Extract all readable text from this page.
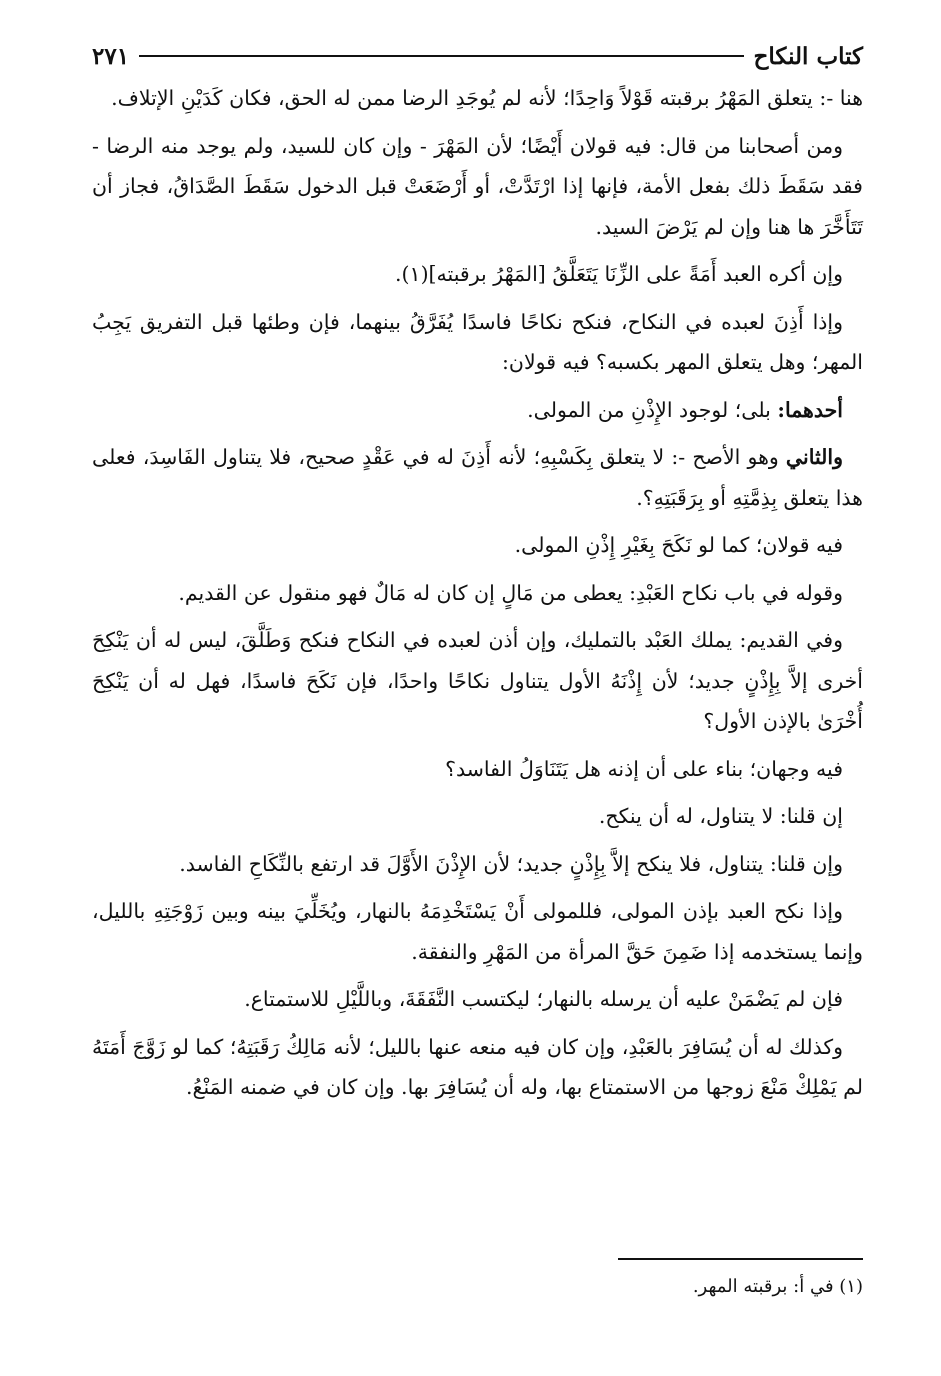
كتاب النكاح
٢٧١

هنا -: يتعلق المَهْرُ برقبته قَوْلاً وَاحِدًا؛ لأنه لم يُوجَدِ الرضا ممن له الحق، فكان كَدَيْنِ الإتلاف.

ومن أصحابنا من قال: فيه قولان أَيْضًا؛ لأن المَهْرَ - وإن كان للسيد، ولم يوجد منه الرضا - فقد سَقَطَ ذلك بفعل الأمة، فإنها إذا ارْتَدَّتْ، أو أَرْضَعَتْ قبل الدخول سَقَطَ الصَّدَاقُ، فجاز أن تَتَأَخَّرَ ها هنا وإن لم يَرْضَ السيد.

وإن أكره العبد أَمَةً على الزِّنَا يَتَعَلَّقُ [المَهْرُ برقبته](١).

وإذا أَذِنَ لعبده في النكاح، فنكح نكاحًا فاسدًا يُفَرَّقُ بينهما، فإن وطئها قبل التفريق يَجِبُ المهر؛ وهل يتعلق المهر بكسبه؟ فيه قولان:

أحدهما: بلى؛ لوجود الإِذْنِ من المولى.

والثاني وهو الأصح -: لا يتعلق بِكَسْبِهِ؛ لأنه أَذِنَ له في عَقْدٍ صحيح، فلا يتناول الفَاسِدَ، فعلى هذا يتعلق بِذِمَّتِهِ أو بِرَقَبَتِهِ؟.

فيه قولان؛ كما لو نَكَحَ بِغَيْرِ إِذْنِ المولى.

وقوله في باب نكاح العَبْدِ: يعطى من مَالٍ إن كان له مَالٌ فهو منقول عن القديم.

وفي القديم: يملك العَبْد بالتمليك، وإن أذن لعبده في النكاح فنكح وَطَلَّقَ، ليس له أن يَنْكِحَ أخرى إلاَّ بِإِذْنٍ جديد؛ لأن إِذْنَهُ الأول يتناول نكاحًا واحدًا، فإن نَكَحَ فاسدًا، فهل له أن يَنْكِحَ أُخْرَىٰ بالإذن الأول؟

فيه وجهان؛ بناء على أن إذنه هل يَتَنَاوَلُ الفاسد؟

إن قلنا: لا يتناول، له أن ينكح.

وإن قلنا: يتناول، فلا ينكح إلاَّ بِإِذْنٍ جديد؛ لأن الإِذْنَ الأَوَّلَ قد ارتفع بالنِّكَاحِ الفاسد.

وإذا نكح العبد بإذن المولى، فللمولى أَنْ يَسْتَخْدِمَهُ بالنهار، ويُخَلِّيَ بينه وبين زَوْجَتِهِ بالليل، وإنما يستخدمه إذا ضَمِنَ حَقَّ المرأة من المَهْرِ والنفقة.

فإن لم يَضْمَنْ عليه أن يرسله بالنهار؛ ليكتسب النَّفَقَةَ، وباللَّيْلِ للاستمتاع.

وكذلك له أن يُسَافِرَ بالعَبْدِ، وإن كان فيه منعه عنها بالليل؛ لأنه مَالِكُ رَقَبَتِهُ؛ كما لو زَوَّجَ أَمَتَهُ لم يَمْلِكْ مَنْعَ زوجها من الاستمتاع بها، وله أن يُسَافِرَ بها. وإن كان في ضمنه المَنْعُ.

(١) في أ: برقبته المهر.
